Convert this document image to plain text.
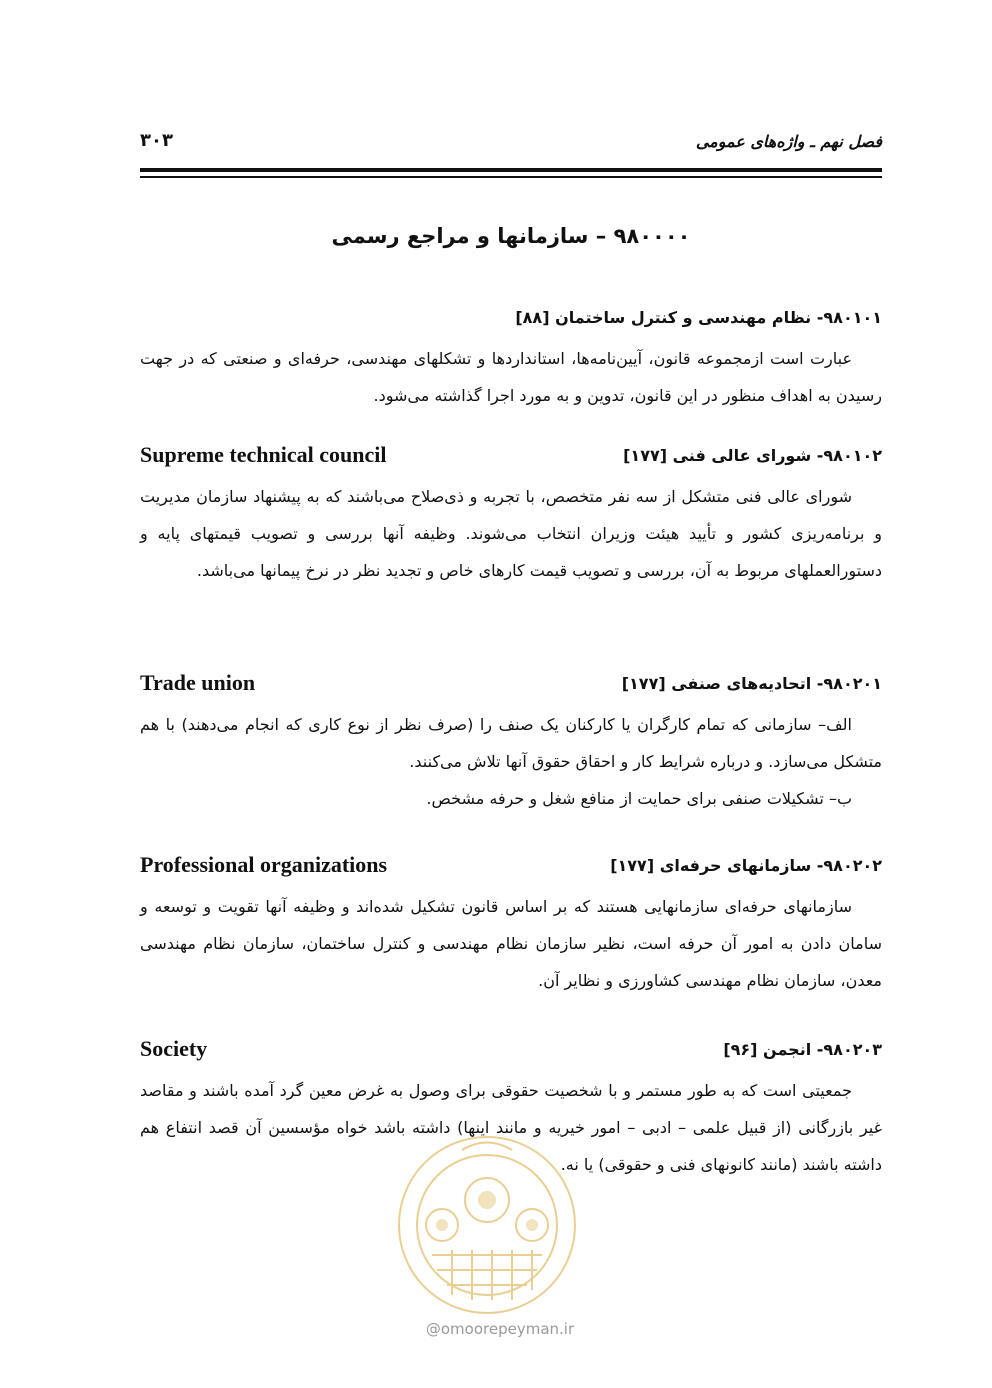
فصل نهم ـ واژه‌های عمومی
۳۰۳
۹۸۰۰۰۰ – سازمانها و مراجع رسمی
۹۸۰۱۰۱- نظام مهندسی و کنترل ساختمان [۸۸]

عبارت است ازمجموعه قانون، آیین‌نامه‌ها، استانداردها و تشکلهای مهندسی، حرفه‌ای و صنعتی که در جهت رسیدن به اهداف منظور در این قانون، تدوین و به مورد اجرا گذاشته می‌شود.

۹۸۰۱۰۲- شورای عالی فنی [۱۷۷]
Supreme technical council

شورای عالی فنی متشکل از سه نفر متخصص، با تجربه و ذی‌صلاح می‌باشند که به پیشنهاد سازمان مدیریت و برنامه‌ریزی کشور و تأیید هیئت وزیران انتخاب می‌شوند. وظیفه آنها بررسی و تصویب قیمتهای پایه و دستورالعملهای مربوط به آن، بررسی و تصویب قیمت کارهای خاص و تجدید نظر در نرخ پیمانها می‌باشد.

۹۸۰۲۰۱- اتحادیه‌های صنفی [۱۷۷]
Trade union

الف– سازمانی که تمام کارگران یا کارکنان یک صنف را (صرف نظر از نوع کاری که انجام می‌دهند) با هم متشکل می‌سازد. و درباره شرایط کار و احقاق حقوق آنها تلاش می‌کنند.

ب– تشکیلات صنفی برای حمایت از منافع شغل و حرفه مشخص.

۹۸۰۲۰۲- سازمانهای حرفه‌ای [۱۷۷]
Professional organizations

سازمانهای حرفه‌ای سازمانهایی هستند که بر اساس قانون تشکیل شده‌اند و وظیفه آنها تقویت و توسعه و سامان دادن به امور آن حرفه است، نظیر سازمان نظام مهندسی و کنترل ساختمان، سازمان نظام مهندسی معدن، سازمان نظام مهندسی کشاورزی و نظایر آن.

۹۸۰۲۰۳- انجمن [۹۶]
Society

جمعیتی است که به طور مستمر و با شخصیت حقوقی برای وصول به غرض معین گرد آمده باشند و مقاصد غیر بازرگانی (از قبیل علمی – ادبی – امور خیریه و مانند اینها) داشته باشد خواه مؤسسین آن قصد انتفاع هم داشته باشند (مانند کانونهای فنی و حقوقی) یا نه.

@omoorepeyman.ir
